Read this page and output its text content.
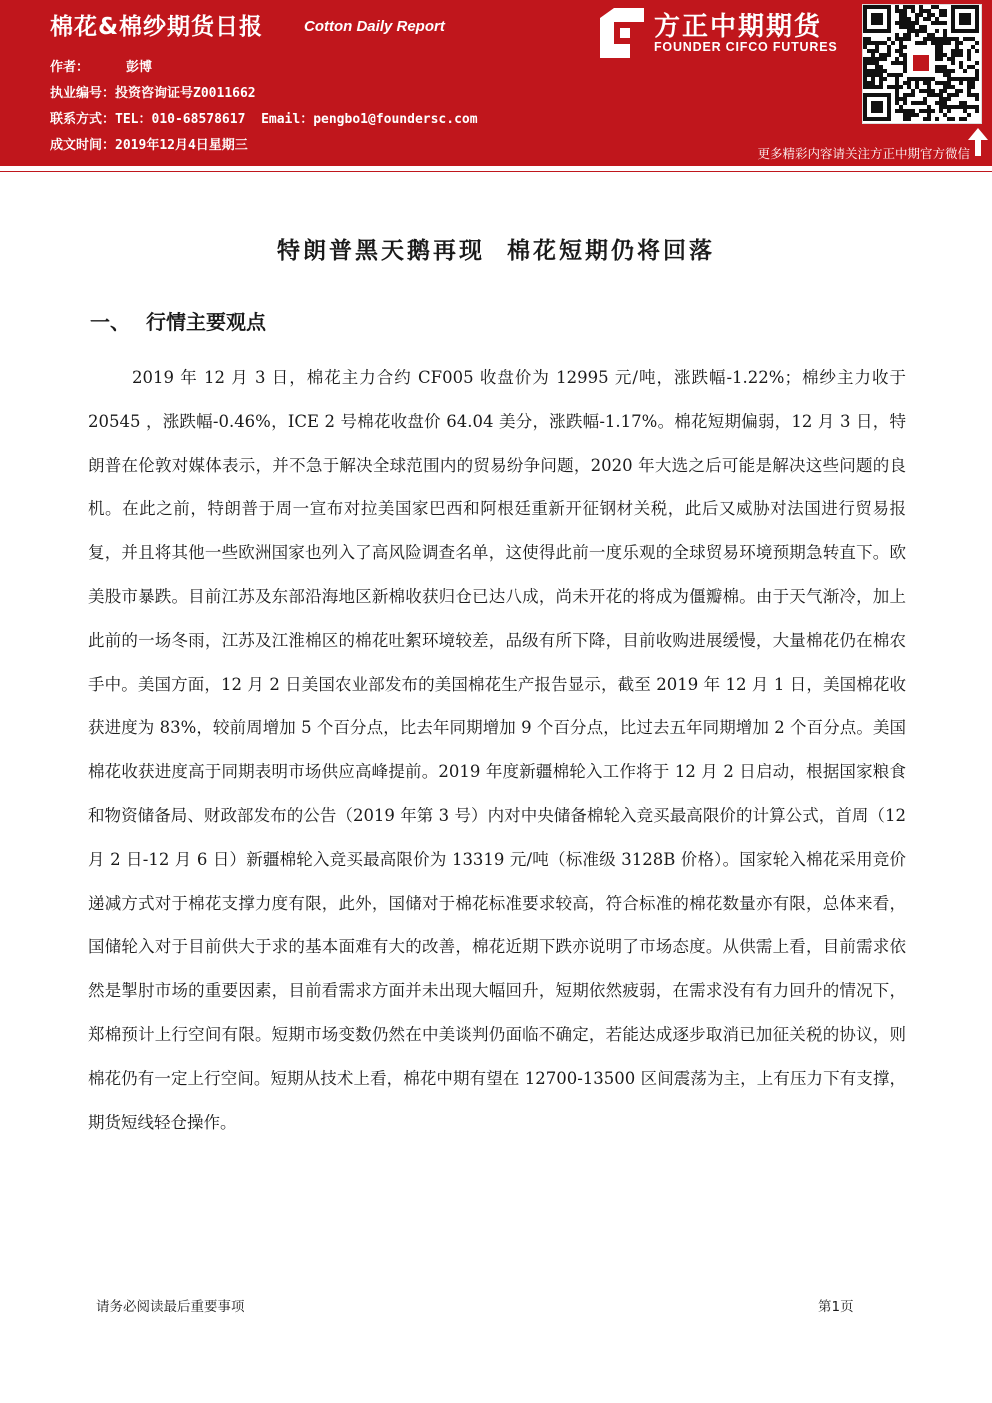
棉花&棉纱期货日报	Cotton Daily Report
作者：	彭博
执业编号：投资咨询证号Z0011662
联系方式：TEL：010-68578617  Email：pengbo1@foundersc.com
成文时间：2019年12月4日星期三
方正中期期货
FOUNDER CIFCO FUTURES
更多精彩内容请关注方正中期官方微信
特朗普黑天鹅再现  棉花短期仍将回落
一、 行情主要观点

2019 年 12 月 3 日，棉花主力合约 CF005 收盘价为 12995 元/吨，涨跌幅-1.22%；棉纱主力收于 20545 ，涨跌幅-0.46%，ICE 2 号棉花收盘价 64.04 美分，涨跌幅-1.17%。棉花短期偏弱，12 月 3 日，特朗普在伦敦对媒体表示，并不急于解决全球范围内的贸易纷争问题，2020 年大选之后可能是解决这些问题的良机。在此之前，特朗普于周一宣布对拉美国家巴西和阿根廷重新开征钢材关税，此后又威胁对法国进行贸易报复，并且将其他一些欧洲国家也列入了高风险调查名单，这使得此前一度乐观的全球贸易环境预期急转直下。欧美股市暴跌。目前江苏及东部沿海地区新棉收获归仓已达八成，尚未开花的将成为僵瓣棉。由于天气渐冷，加上此前的一场冬雨，江苏及江淮棉区的棉花吐絮环境较差，品级有所下降，目前收购进展缓慢，大量棉花仍在棉农手中。美国方面，12 月 2 日美国农业部发布的美国棉花生产报告显示，截至 2019 年 12 月 1 日，美国棉花收获进度为 83%，较前周增加 5 个百分点，比去年同期增加 9 个百分点，比过去五年同期增加 2 个百分点。美国棉花收获进度高于同期表明市场供应高峰提前。2019 年度新疆棉轮入工作将于 12 月 2 日启动，根据国家粮食和物资储备局、财政部发布的公告（2019 年第 3 号）内对中央储备棉轮入竞买最高限价的计算公式，首周（12 月 2 日-12 月 6 日）新疆棉轮入竞买最高限价为 13319 元/吨（标准级 3128B 价格）。国家轮入棉花采用竞价递减方式对于棉花支撑力度有限，此外，国储对于棉花标准要求较高，符合标准的棉花数量亦有限，总体来看，国储轮入对于目前供大于求的基本面难有大的改善，棉花近期下跌亦说明了市场态度。从供需上看，目前需求依然是掣肘市场的重要因素，目前看需求方面并未出现大幅回升，短期依然疲弱，在需求没有有力回升的情况下，郑棉预计上行空间有限。短期市场变数仍然在中美谈判仍面临不确定，若能达成逐步取消已加征关税的协议，则棉花仍有一定上行空间。短期从技术上看，棉花中期有望在 12700-13500 区间震荡为主，上有压力下有支撑，期货短线轻仓操作。

请务必阅读最后重要事项	第1页
